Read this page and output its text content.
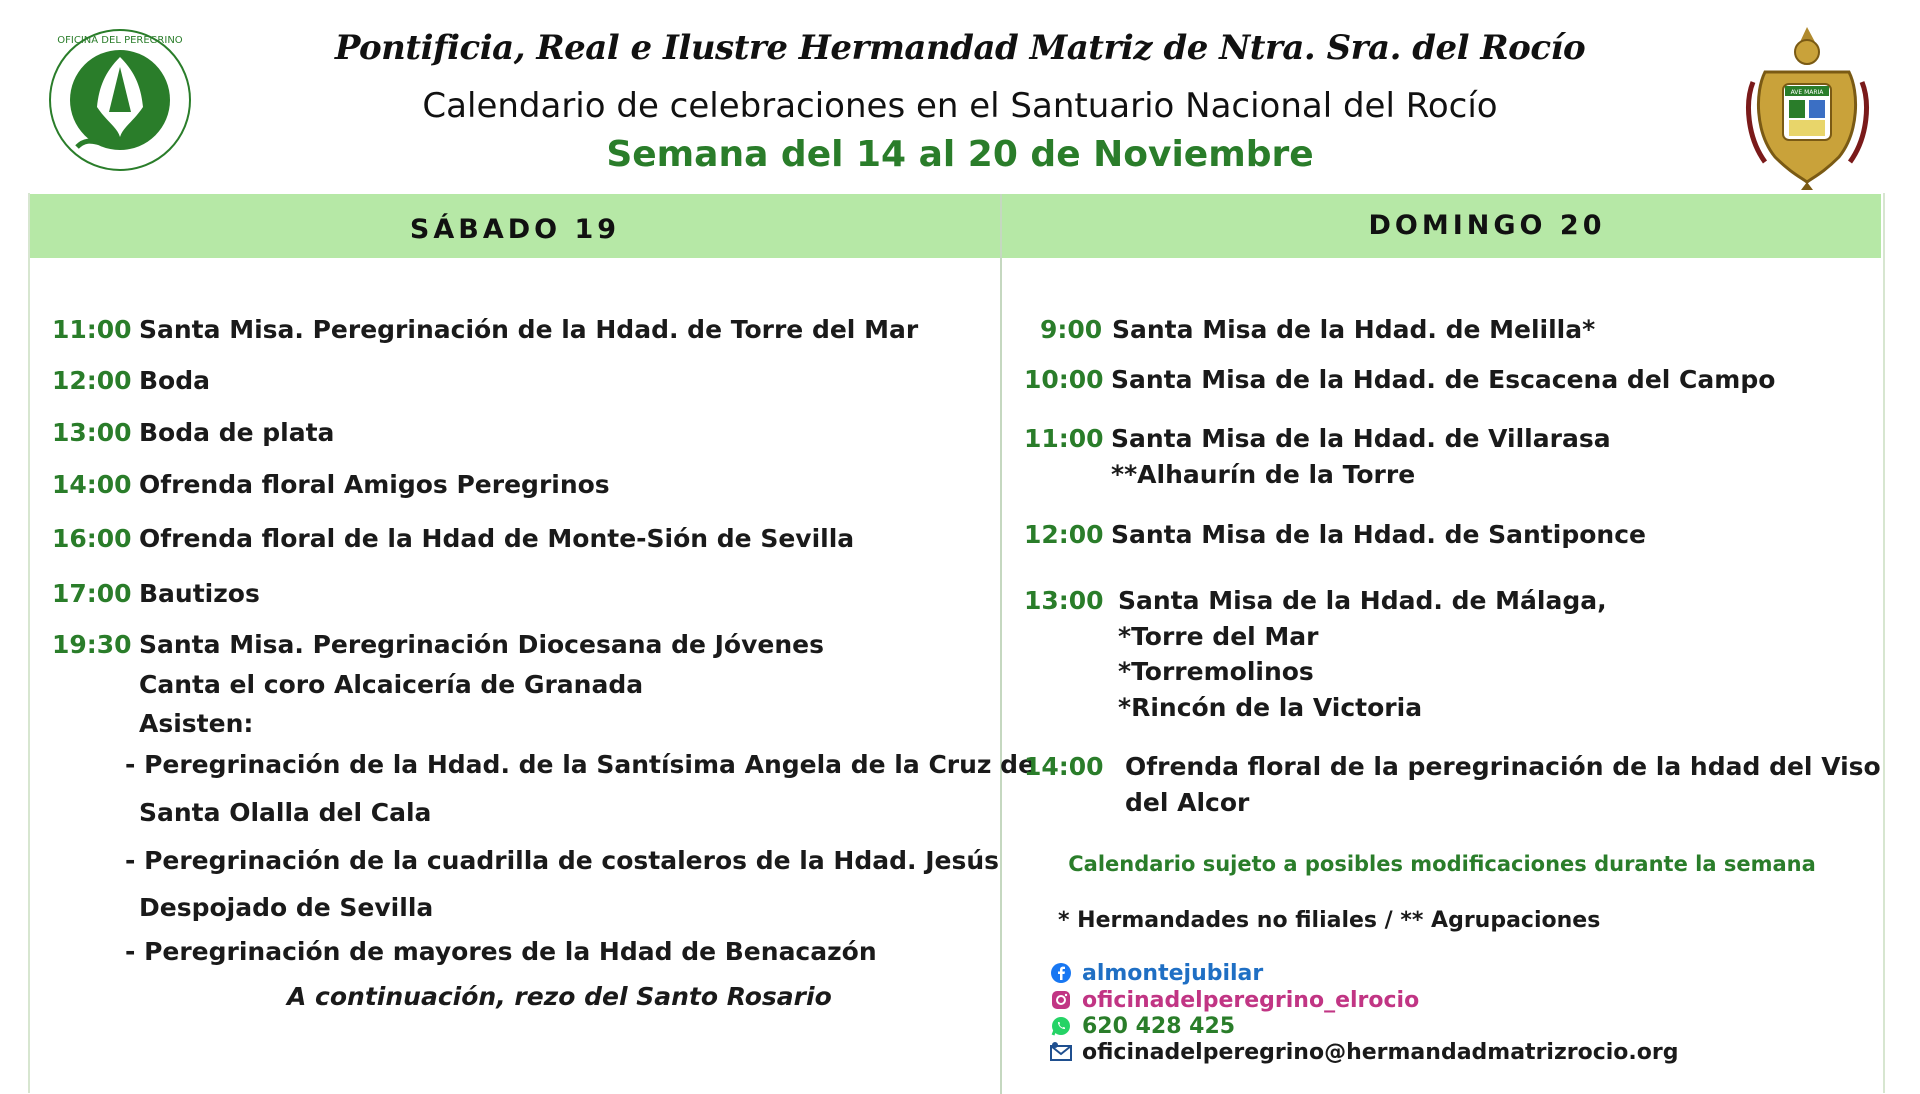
OFICINA DEL PEREGRINO
AVE MARIA
Pontificia, Real e Ilustre Hermandad Matriz de Ntra. Sra. del Rocío
Calendario de celebraciones en el Santuario Nacional del Rocío
Semana del 14 al 20 de Noviembre
SÁBADO 19	DOMINGO 20
11:00 Santa Misa. Peregrinación de la Hdad. de Torre del Mar
12:00 Boda
13:00 Boda de plata
14:00 Ofrenda floral Amigos Peregrinos
16:00 Ofrenda floral de la Hdad de Monte-Sión de Sevilla
17:00 Bautizos
19:30 Santa Misa. Peregrinación Diocesana de Jóvenes
Canta el coro Alcaicería de Granada
Asisten:
- Peregrinación de la Hdad. de la Santísima Angela de la Cruz de
Santa Olalla del Cala
- Peregrinación de la cuadrilla de costaleros de la Hdad. Jesús
Despojado de Sevilla
- Peregrinación de mayores de la Hdad de Benacazón
A continuación, rezo del Santo Rosario
9:00 Santa Misa de la Hdad. de Melilla*
10:00 Santa Misa de la Hdad. de Escacena del Campo
11:00 Santa Misa de la Hdad. de Villarasa
**Alhaurín de la Torre
12:00 Santa Misa de la Hdad. de Santiponce
13:00 Santa Misa de la Hdad. de Málaga,
*Torre del Mar
*Torremolinos
*Rincón de la Victoria
14:00 Ofrenda floral de la peregrinación de la hdad del Viso
del Alcor
Calendario sujeto a posibles modificaciones durante la semana
* Hermandades no filiales / ** Agrupaciones
almontejubilar
oficinadelperegrino_elrocio
620 428 425
oficinadelperegrino@hermandadmatrizrocio.org
